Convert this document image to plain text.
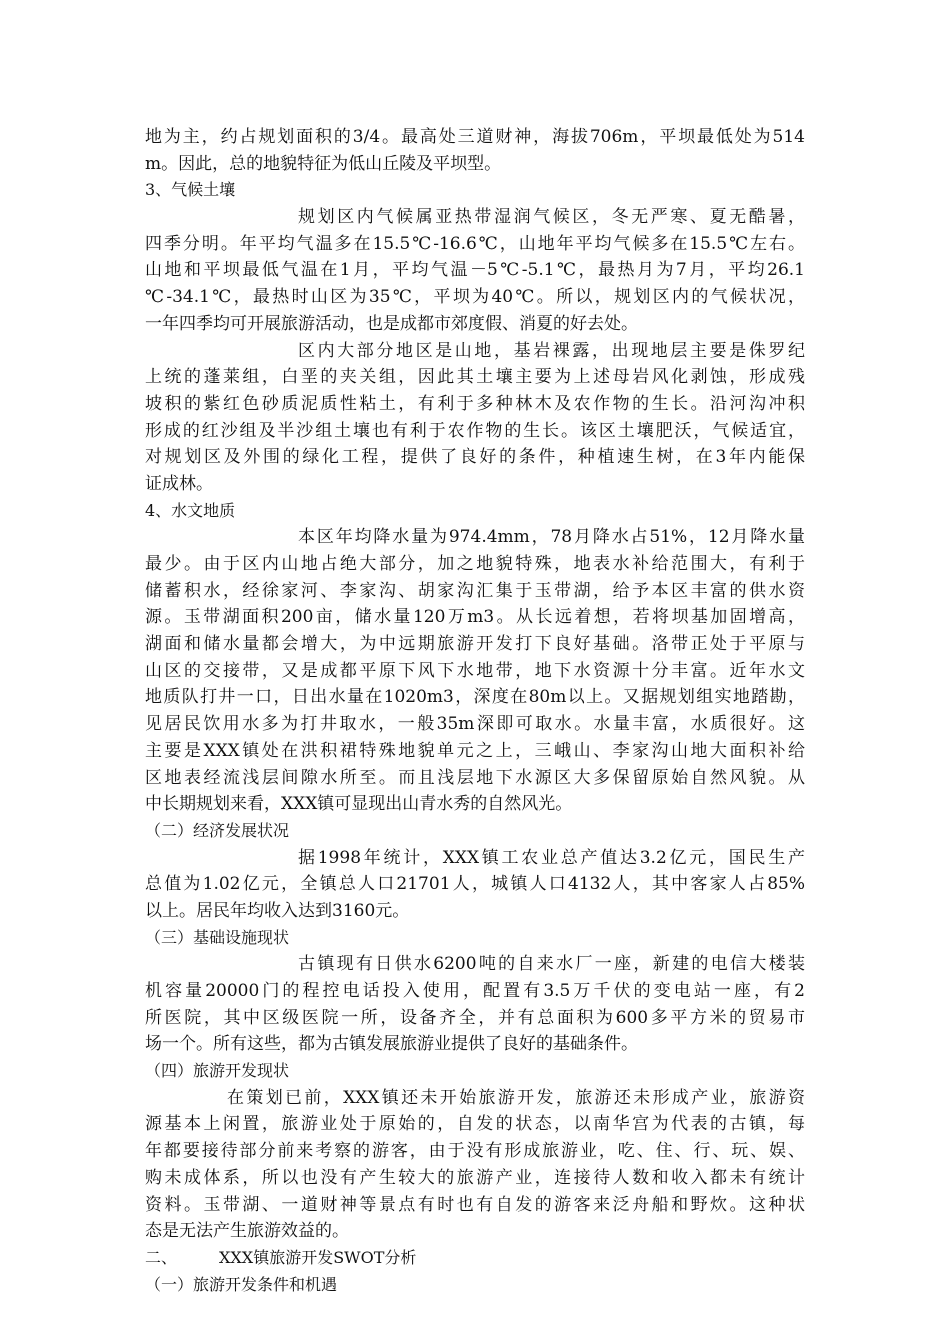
地为主，约占规划面积的3/4。最高处三道财神，海拔706m，平坝最低处为514
m。因此，总的地貌特征为低山丘陵及平坝型。
3、气候土壤
规划区内气候属亚热带湿润气候区，冬无严寒、夏无酷暑，
四季分明。年平均气温多在15.5℃-16.6℃，山地年平均气候多在15.5℃左右。
山地和平坝最低气温在1月，平均气温－5℃-5.1℃，最热月为7月，平均26.1
℃-34.1℃，最热时山区为35℃，平坝为40℃。所以，规划区内的气候状况，
一年四季均可开展旅游活动，也是成都市郊度假、消夏的好去处。
区内大部分地区是山地，基岩裸露，出现地层主要是侏罗纪
上统的蓬莱组，白垩的夹关组，因此其土壤主要为上述母岩风化剥蚀，形成残
坡积的紫红色砂质泥质性粘土，有利于多种林木及农作物的生长。沿河沟冲积
形成的红沙组及半沙组土壤也有利于农作物的生长。该区土壤肥沃，气候适宜，
对规划区及外围的绿化工程，提供了良好的条件，种植速生树，在3年内能保
证成林。
4、水文地质
本区年均降水量为974.4mm，78月降水占51%，12月降水量
最少。由于区内山地占绝大部分，加之地貌特殊，地表水补给范围大，有利于
储蓄积水，经徐家河、李家沟、胡家沟汇集于玉带湖，给予本区丰富的供水资
源。玉带湖面积200亩，储水量120万m3。从长远着想，若将坝基加固增高，
湖面和储水量都会增大，为中远期旅游开发打下良好基础。洛带正处于平原与
山区的交接带，又是成都平原下风下水地带，地下水资源十分丰富。近年水文
地质队打井一口，日出水量在1020m3，深度在80m以上。又据规划组实地踏勘，
见居民饮用水多为打井取水，一般35m深即可取水。水量丰富，水质很好。这
主要是XXX镇处在洪积裙特殊地貌单元之上，三峨山、李家沟山地大面积补给
区地表经流浅层间隙水所至。而且浅层地下水源区大多保留原始自然风貌。从
中长期规划来看，XXX镇可显现出山青水秀的自然风光。
（二）经济发展状况
据1998年统计，XXX镇工农业总产值达3.2亿元，国民生产
总值为1.02亿元，全镇总人口21701人，城镇人口4132人，其中客家人占85%
以上。居民年均收入达到3160元。
（三）基础设施现状
古镇现有日供水6200吨的自来水厂一座，新建的电信大楼装
机容量20000门的程控电话投入使用，配置有3.5万千伏的变电站一座，有2
所医院，其中区级医院一所，设备齐全，并有总面积为600多平方米的贸易市
场一个。所有这些，都为古镇发展旅游业提供了良好的基础条件。
（四）旅游开发现状
在策划已前，XXX镇还未开始旅游开发，旅游还未形成产业，旅游资
源基本上闲置，旅游业处于原始的，自发的状态，以南华宫为代表的古镇，每
年都要接待部分前来考察的游客，由于没有形成旅游业，吃、住、行、玩、娱、
购未成体系，所以也没有产生较大的旅游产业，连接待人数和收入都未有统计
资料。玉带湖、一道财神等景点有时也有自发的游客来泛舟船和野炊。这种状
态是无法产生旅游效益的。
二、	XXX镇旅游开发SWOT分析
（一）旅游开发条件和机遇
